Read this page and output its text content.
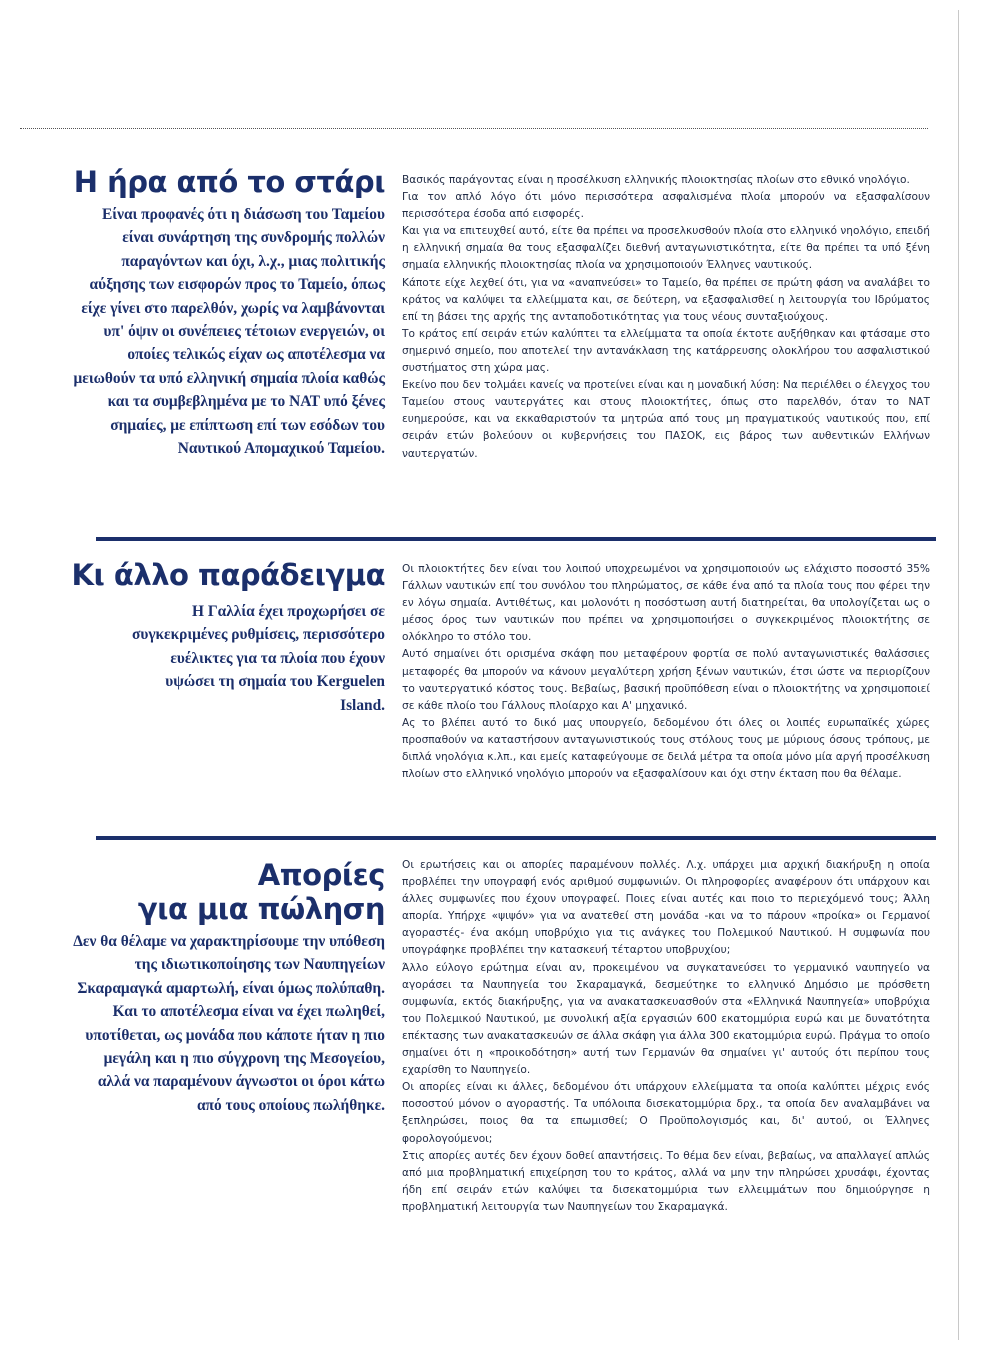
Η ήρα από το στάρι

Είναι προφανές ότι η διάσωση του Ταμείου είναι συνάρτηση της συνδρομής πολλών παραγόντων και όχι, λ.χ., μιας πολιτικής αύξησης των εισφορών προς το Ταμείο, όπως είχε γίνει στο παρελθόν, χωρίς να λαμβάνονται υπ' όψιν οι συνέπειες τέτοιων ενεργειών, οι οποίες τελικώς είχαν ως αποτέλεσμα να μειωθούν τα υπό ελληνική σημαία πλοία καθώς και τα συμβεβλημένα με το ΝΑΤ υπό ξένες σημαίες, με επίπτωση επί των εσόδων του Ναυτικού Απομαχικού Ταμείου.

Βασικός παράγοντας είναι η προσέλκυση ελληνικής πλοιοκτησίας πλοίων στο εθνικό νηολόγιο.

Για τον απλό λόγο ότι μόνο περισσότερα ασφαλισμένα πλοία μπορούν να εξασφαλίσουν περισσότερα έσοδα από εισφορές.

Και για να επιτευχθεί αυτό, είτε θα πρέπει να προσελκυσθούν πλοία στο ελληνικό νηολόγιο, επειδή η ελληνική σημαία θα τους εξασφαλίζει διεθνή ανταγωνιστικότητα, είτε θα πρέπει τα υπό ξένη σημαία ελληνικής πλοιοκτησίας πλοία να χρησιμοποιούν Έλληνες ναυτικούς.

Κάποτε είχε λεχθεί ότι, για να «αναπνεύσει» το Ταμείο, θα πρέπει σε πρώτη φάση να αναλάβει το κράτος να καλύψει τα ελλείμματα και, σε δεύτερη, να εξασφαλισθεί η λειτουργία του Ιδρύματος επί τη βάσει της αρχής της ανταποδοτικότητας για τους νέους συνταξιούχους.

Το κράτος επί σειράν ετών καλύπτει τα ελλείμματα τα οποία έκτοτε αυξήθηκαν και φτάσαμε στο σημερινό σημείο, που αποτελεί την αντανάκλαση της κατάρρευσης ολοκλήρου του ασφαλιστικού συστήματος στη χώρα μας.

Εκείνο που δεν τολμάει κανείς να προτείνει είναι και η μοναδική λύση: Να περιέλθει ο έλεγχος του Ταμείου στους ναυτεργάτες και στους πλοιοκτήτες, όπως στο παρελθόν, όταν το ΝΑΤ ευημερούσε, και να εκκαθαριστούν τα μητρώα από τους μη πραγματικούς ναυτικούς που, επί σειράν ετών βολεύουν οι κυβερνήσεις του ΠΑΣΟΚ, εις βάρος των αυθεντικών Ελλήνων ναυτεργατών.

Κι άλλο παράδειγμα

Η Γαλλία έχει προχωρήσει σε συγκεκριμένες ρυθμίσεις, περισσότερο ευέλικτες για τα πλοία που έχουν υψώσει τη σημαία του Kerguelen Island.

Οι πλοιοκτήτες δεν είναι του λοιπού υποχρεωμένοι να χρησιμοποιούν ως ελάχιστο ποσοστό 35% Γάλλων ναυτικών επί του συνόλου του πληρώματος, σε κάθε ένα από τα πλοία τους που φέρει την εν λόγω σημαία. Αντιθέτως, και μολονότι η ποσόστωση αυτή διατηρείται, θα υπολογίζεται ως ο μέσος όρος των ναυτικών που πρέπει να χρησιμοποιήσει ο συγκεκριμένος πλοιοκτήτης σε ολόκληρο το στόλο του.

Αυτό σημαίνει ότι ορισμένα σκάφη που μεταφέρουν φορτία σε πολύ ανταγωνιστικές θαλάσσιες μεταφορές θα μπορούν να κάνουν μεγαλύτερη χρήση ξένων ναυτικών, έτσι ώστε να περιορίζουν το ναυτεργατικό κόστος τους. Βεβαίως, βασική προϋπόθεση είναι ο πλοιοκτήτης να χρησιμοποιεί σε κάθε πλοίο του Γάλλους πλοίαρχο και Α' μηχανικό.

Ας το βλέπει αυτό το δικό μας υπουργείο, δεδομένου ότι όλες οι λοιπές ευρωπαϊκές χώρες προσπαθούν να καταστήσουν ανταγωνιστικούς τους στόλους τους με μύριους όσους τρόπους, με διπλά νηολόγια κ.λπ., και εμείς καταφεύγουμε σε δειλά μέτρα τα οποία μόνο μία αργή προσέλκυση πλοίων στο ελληνικό νηολόγιο μπορούν να εξασφαλίσουν και όχι στην έκταση που θα θέλαμε.

Απορίες
για μια πώληση

Δεν θα θέλαμε να χαρακτηρίσουμε την υπόθεση της ιδιωτικοποίησης των Ναυπηγείων Σκαραμαγκά αμαρτωλή, είναι όμως πολύπαθη. Και το αποτέλεσμα είναι να έχει πωληθεί, υποτίθεται, ως μονάδα που κάποτε ήταν η πιο μεγάλη και η πιο σύγχρονη της Μεσογείου, αλλά να παραμένουν άγνωστοι οι όροι κάτω από τους οποίους πωλήθηκε.

Οι ερωτήσεις και οι απορίες παραμένουν πολλές. Λ.χ. υπάρχει μια αρχική διακήρυξη η οποία προβλέπει την υπογραφή ενός αριθμού συμφωνιών. Οι πληροφορίες αναφέρουν ότι υπάρχουν και άλλες συμφωνίες που έχουν υπογραφεί. Ποιες είναι αυτές και ποιο το περιεχόμενό τους; Άλλη απορία. Υπήρχε «ψιψόν» για να ανατεθεί στη μονάδα -και να το πάρουν «προίκα» οι Γερμανοί αγοραστές- ένα ακόμη υποβρύχιο για τις ανάγκες του Πολεμικού Ναυτικού. Η συμφωνία που υπογράφηκε προβλέπει την κατασκευή τέταρτου υποβρυχίου;

Άλλο εύλογο ερώτημα είναι αν, προκειμένου να συγκατανεύσει το γερμανικό ναυπηγείο να αγοράσει τα Ναυπηγεία του Σκαραμαγκά, δεσμεύτηκε το ελληνικό Δημόσιο με πρόσθετη συμφωνία, εκτός διακήρυξης, για να ανακατασκευασθούν στα «Ελληνικά Ναυπηγεία» υποβρύχια του Πολεμικού Ναυτικού, με συνολική αξία εργασιών 600 εκατομμύρια ευρώ και με δυνατότητα επέκτασης των ανακατασκευών σε άλλα σκάφη για άλλα 300 εκατομμύρια ευρώ. Πράγμα το οποίο σημαίνει ότι η «προικοδότηση» αυτή των Γερμανών θα σημαίνει γι' αυτούς ότι περίπου τους εχαρίσθη το Ναυπηγείο.

Οι απορίες είναι κι άλλες, δεδομένου ότι υπάρχουν ελλείμματα τα οποία καλύπτει μέχρις ενός ποσοστού μόνον ο αγοραστής. Τα υπόλοιπα δισεκατομμύρια δρχ., τα οποία δεν αναλαμβάνει να ξεπληρώσει, ποιος θα τα επωμισθεί; Ο Προϋπολογισμός και, δι' αυτού, οι Έλληνες φορολογούμενοι;

Στις απορίες αυτές δεν έχουν δοθεί απαντήσεις. Το θέμα δεν είναι, βεβαίως, να απαλλαγεί απλώς από μια προβληματική επιχείρηση του το κράτος, αλλά να μην την πληρώσει χρυσάφι, έχοντας ήδη επί σειράν ετών καλύψει τα δισεκατομμύρια των ελλειμμάτων που δημιούργησε η προβληματική λειτουργία των Ναυπηγείων του Σκαραμαγκά.
